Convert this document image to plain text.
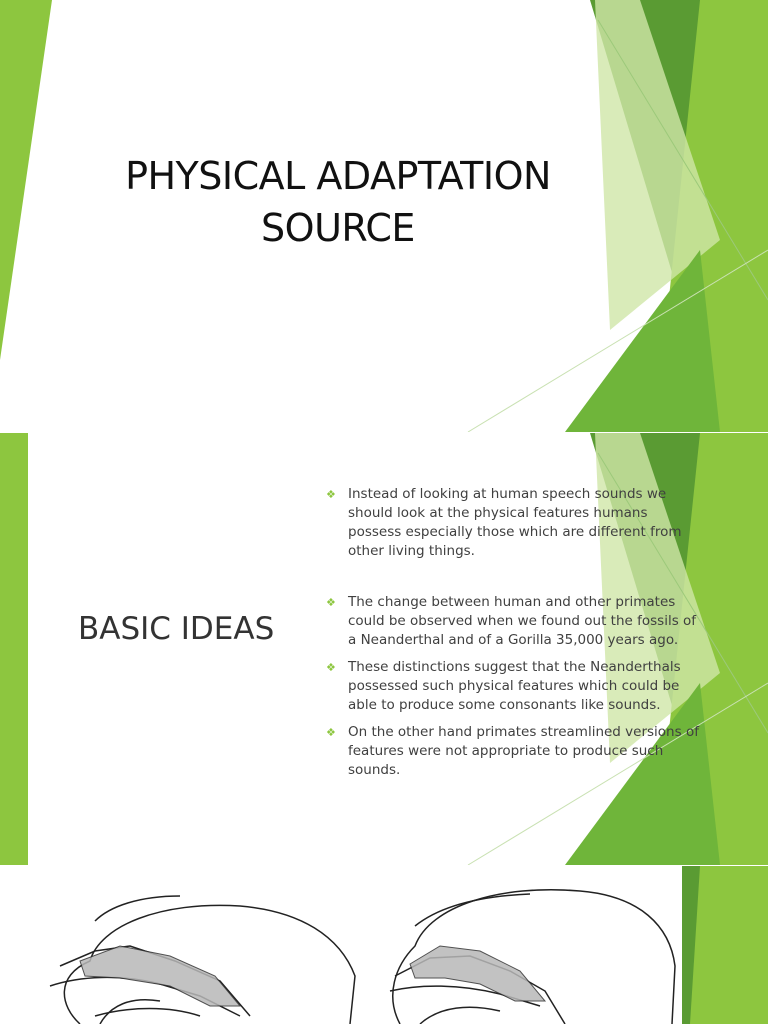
PHYSICAL ADAPTATION
SOURCE
BASIC IDEAS
❖ Instead of looking at human speech sounds we should look at the physical features humans possess especially those which are different from other living things.
❖ The change between human and other primates could be observed when we found out the fossils of a Neanderthal and of a Gorilla 35,000 years ago.
❖ These distinctions suggest that the Neanderthals possessed such physical features which could be able to produce some consonants like sounds.
❖ On the other hand primates streamlined versions of features were not appropriate to produce such sounds.
